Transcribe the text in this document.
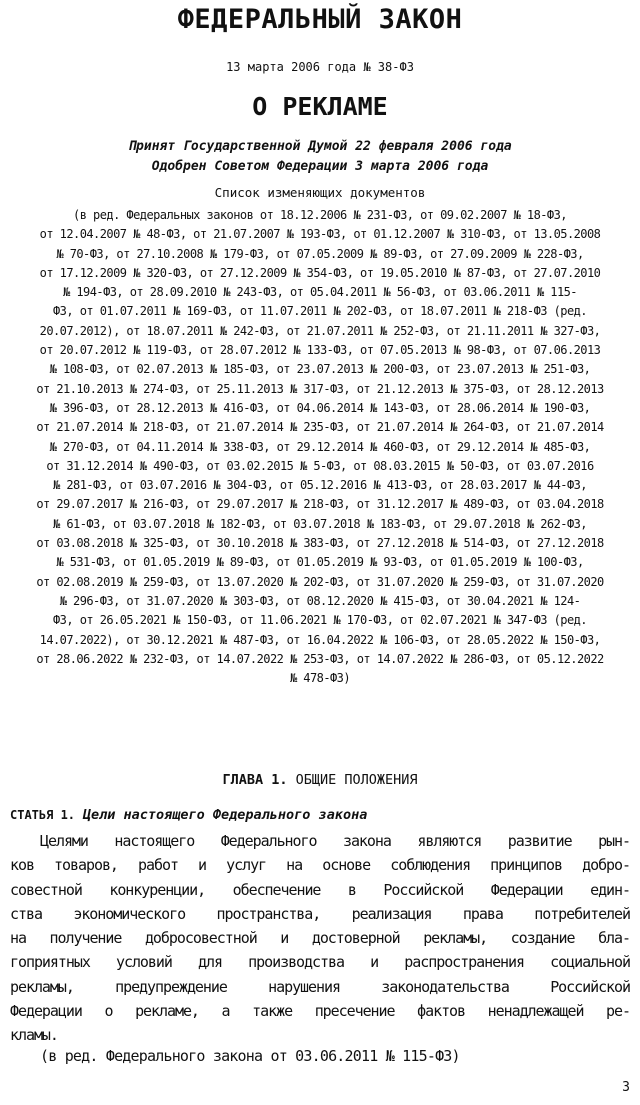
ФЕДЕРАЛЬНЫЙ ЗАКОН
13 марта 2006 года № 38-ФЗ
О РЕКЛАМЕ
Принят Государственной Думой 22 февраля 2006 года
Одобрен Советом Федерации 3 марта 2006 года
Список изменяющих документов
(в ред. Федеральных законов от 18.12.2006 № 231-ФЗ, от 09.02.2007 № 18-ФЗ,
от 12.04.2007 № 48-ФЗ, от 21.07.2007 № 193-ФЗ, от 01.12.2007 № 310-ФЗ, от 13.05.2008
№ 70-ФЗ, от 27.10.2008 № 179-ФЗ, от 07.05.2009 № 89-ФЗ, от 27.09.2009 № 228-ФЗ,
от 17.12.2009 № 320-ФЗ, от 27.12.2009 № 354-ФЗ, от 19.05.2010 № 87-ФЗ, от 27.07.2010
№ 194-ФЗ, от 28.09.2010 № 243-ФЗ, от 05.04.2011 № 56-ФЗ, от 03.06.2011 № 115-
ФЗ, от 01.07.2011 № 169-ФЗ, от 11.07.2011 № 202-ФЗ, от 18.07.2011 № 218-ФЗ (ред.
20.07.2012), от 18.07.2011 № 242-ФЗ, от 21.07.2011 № 252-ФЗ, от 21.11.2011 № 327-ФЗ,
от 20.07.2012 № 119-ФЗ, от 28.07.2012 № 133-ФЗ, от 07.05.2013 № 98-ФЗ, от 07.06.2013
№ 108-ФЗ, от 02.07.2013 № 185-ФЗ, от 23.07.2013 № 200-ФЗ, от 23.07.2013 № 251-ФЗ,
от 21.10.2013 № 274-ФЗ, от 25.11.2013 № 317-ФЗ, от 21.12.2013 № 375-ФЗ, от 28.12.2013
№ 396-ФЗ, от 28.12.2013 № 416-ФЗ, от 04.06.2014 № 143-ФЗ, от 28.06.2014 № 190-ФЗ,
от 21.07.2014 № 218-ФЗ, от 21.07.2014 № 235-ФЗ, от 21.07.2014 № 264-ФЗ, от 21.07.2014
№ 270-ФЗ, от 04.11.2014 № 338-ФЗ, от 29.12.2014 № 460-ФЗ, от 29.12.2014 № 485-ФЗ,
от 31.12.2014 № 490-ФЗ, от 03.02.2015 № 5-ФЗ, от 08.03.2015 № 50-ФЗ, от 03.07.2016
№ 281-ФЗ, от 03.07.2016 № 304-ФЗ, от 05.12.2016 № 413-ФЗ, от 28.03.2017 № 44-ФЗ,
от 29.07.2017 № 216-ФЗ, от 29.07.2017 № 218-ФЗ, от 31.12.2017 № 489-ФЗ, от 03.04.2018
№ 61-ФЗ, от 03.07.2018 № 182-ФЗ, от 03.07.2018 № 183-ФЗ, от 29.07.2018 № 262-ФЗ,
от 03.08.2018 № 325-ФЗ, от 30.10.2018 № 383-ФЗ, от 27.12.2018 № 514-ФЗ, от 27.12.2018
№ 531-ФЗ, от 01.05.2019 № 89-ФЗ, от 01.05.2019 № 93-ФЗ, от 01.05.2019 № 100-ФЗ,
от 02.08.2019 № 259-ФЗ, от 13.07.2020 № 202-ФЗ, от 31.07.2020 № 259-ФЗ, от 31.07.2020
№ 296-ФЗ, от 31.07.2020 № 303-ФЗ, от 08.12.2020 № 415-ФЗ, от 30.04.2021 № 124-
ФЗ, от 26.05.2021 № 150-ФЗ, от 11.06.2021 № 170-ФЗ, от 02.07.2021 № 347-ФЗ (ред.
14.07.2022), от 30.12.2021 № 487-ФЗ, от 16.04.2022 № 106-ФЗ, от 28.05.2022 № 150-ФЗ,
от 28.06.2022 № 232-ФЗ, от 14.07.2022 № 253-ФЗ, от 14.07.2022 № 286-ФЗ, от 05.12.2022
№ 478-ФЗ)
ГЛАВА 1. ОБЩИЕ ПОЛОЖЕНИЯ
СТАТЬЯ 1. Цели настоящего Федерального закона
Целями настоящего Федерального закона являются развитие рын-
ков товаров, работ и услуг на основе соблюдения принципов добро-
совестной конкуренции, обеспечение в Российской Федерации един-
ства экономического пространства, реализация права потребителей
на получение добросовестной и достоверной рекламы, создание бла-
гоприятных условий для производства и распространения социальной
рекламы, предупреждение нарушения законодательства Российской
Федерации о рекламе, а также пресечение фактов ненадлежащей ре-
кламы.
(в ред. Федерального закона от 03.06.2011 № 115-ФЗ)
3
